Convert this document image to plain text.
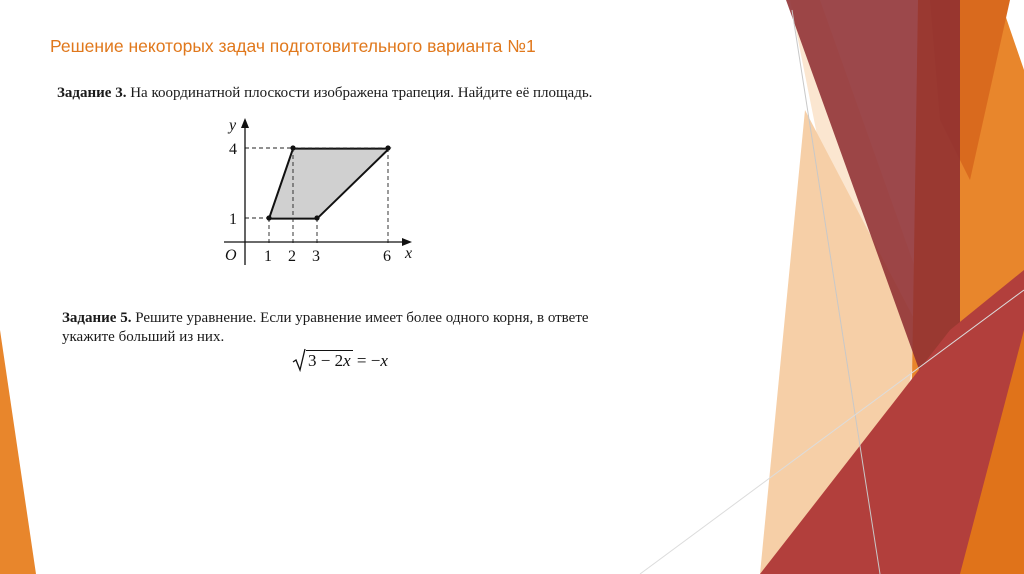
Решение некоторых задач подготовительного варианта №1
Задание 3. На координатной плоскости изображена трапеция. Найдите её площадь.
y
x
O
4
1
1 2 3	6
Задание 5. Решите уравнение. Если уравнение имеет более одного корня, в ответе укажите больший из них.
3 − 2x = −x
